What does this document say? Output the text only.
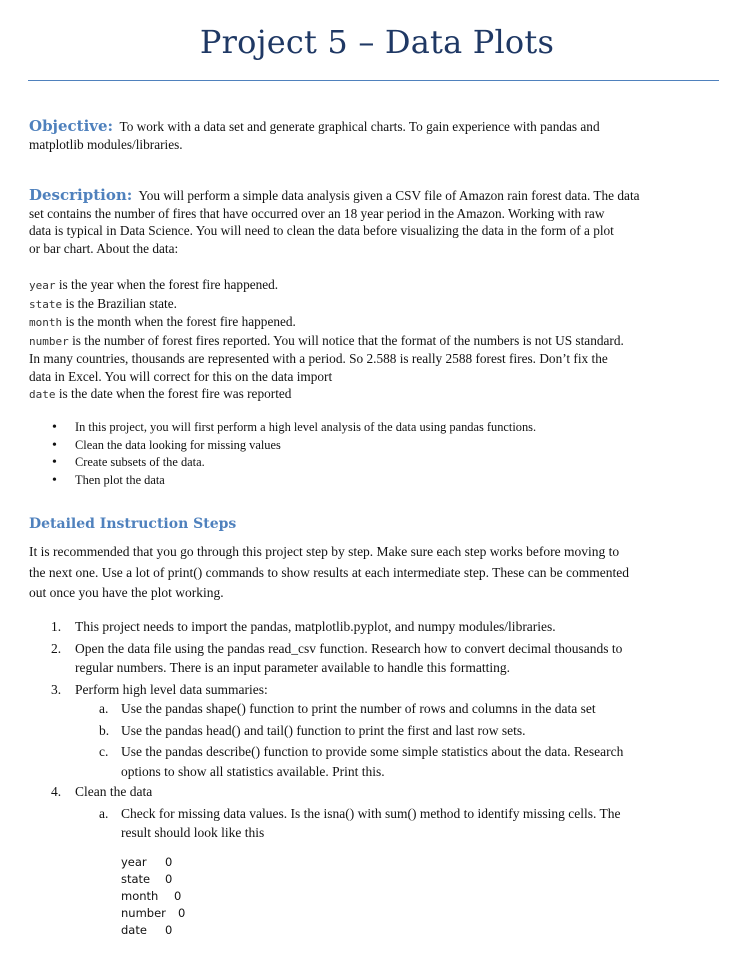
Project 5 – Data Plots
Objective: To work with a data set and generate graphical charts. To gain experience with pandas and
matplotlib modules/libraries.
Description: You will perform a simple data analysis given a CSV file of Amazon rain forest data. The data
set contains the number of fires that have occurred over an 18 year period in the Amazon. Working with raw
data is typical in Data Science. You will need to clean the data before visualizing the data in the form of a plot
or bar chart. About the data:
year is the year when the forest fire happened.
state is the Brazilian state.
month is the month when the forest fire happened.
number is the number of forest fires reported. You will notice that the format of the numbers is not US standard.
In many countries, thousands are represented with a period. So 2.588 is really 2588 forest fires. Don’t fix the
data in Excel. You will correct for this on the data import
date is the date when the forest fire was reported
• In this project, you will first perform a high level analysis of the data using pandas functions.
• Clean the data looking for missing values
• Create subsets of the data.
• Then plot the data
Detailed Instruction Steps
It is recommended that you go through this project step by step. Make sure each step works before moving to
the next one. Use a lot of print() commands to show results at each intermediate step. These can be commented
out once you have the plot working.
1. This project needs to import the pandas, matplotlib.pyplot, and numpy modules/libraries.
2. Open the data file using the pandas read_csv function. Research how to convert decimal thousands to
regular numbers. There is an input parameter available to handle this formatting.
3. Perform high level data summaries:
a. Use the pandas shape() function to print the number of rows and columns in the data set
b. Use the pandas head() and tail() function to print the first and last row sets.
c. Use the pandas describe() function to provide some simple statistics about the data. Research
options to show all statistics available. Print this.
4. Clean the data
a. Check for missing data values. Is the isna() with sum() method to identify missing cells. The
result should look like this
year 0
state 0
month 0
number 0
date 0
